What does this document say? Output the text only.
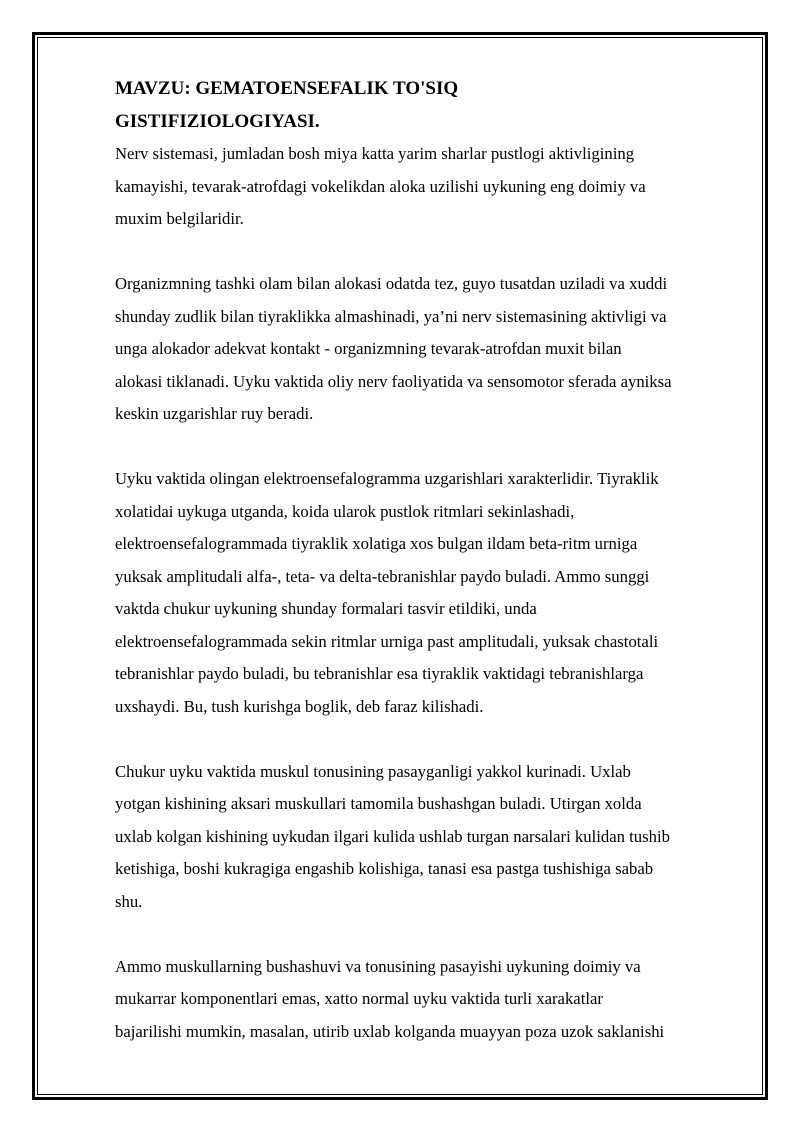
MAVZU: GEMATOENSEFALIK TO'SIQ
GISTIFIZIOLOGIYASI.

Nerv sistemasi, jumladan bosh miya katta yarim sharlar pustlogi aktivligining

kamayishi, tevarak-atrofdagi vokelikdan aloka uzilishi uykuning eng doimiy va

muxim belgilaridir.

Organizmning tashki olam bilan alokasi odatda tez, guyo tusatdan uziladi va xuddi

shunday zudlik bilan tiyraklikka almashinadi, ya’ni nerv sistemasining aktivligi va

unga alokador adekvat kontakt - organizmning tevarak-atrofdan muxit bilan

alokasi tiklanadi. Uyku vaktida oliy nerv faoliyatida va sensomotor sferada ayniksa

keskin uzgarishlar ruy beradi.

Uyku vaktida olingan elektroensefalogramma uzgarishlari xarakterlidir. Tiyraklik

xolatidai uykuga utganda, koida ularok pustlok ritmlari sekinlashadi,

elektroensefalogrammada tiyraklik xolatiga xos bulgan ildam beta-ritm urniga

yuksak amplitudali alfa-, teta- va delta-tebranishlar paydo buladi. Ammo sunggi

vaktda chukur uykuning shunday formalari tasvir etildiki, unda

elektroensefalogrammada sekin ritmlar urniga past amplitudali, yuksak chastotali

tebranishlar paydo buladi, bu tebranishlar esa tiyraklik vaktidagi tebranishlarga

uxshaydi. Bu, tush kurishga boglik, deb faraz kilishadi.

Chukur uyku vaktida muskul tonusining pasayganligi yakkol kurinadi. Uxlab

yotgan kishining aksari muskullari tamomila bushashgan buladi. Utirgan xolda

uxlab kolgan kishining uykudan ilgari kulida ushlab turgan narsalari kulidan tushib

ketishiga, boshi kukragiga engashib kolishiga, tanasi esa pastga tushishiga sabab

shu.

Ammo muskullarning bushashuvi va tonusining pasayishi uykuning doimiy va

mukarrar komponentlari emas, xatto normal uyku vaktida turli xarakatlar

bajarilishi mumkin, masalan, utirib uxlab kolganda muayyan poza uzok saklanishi
